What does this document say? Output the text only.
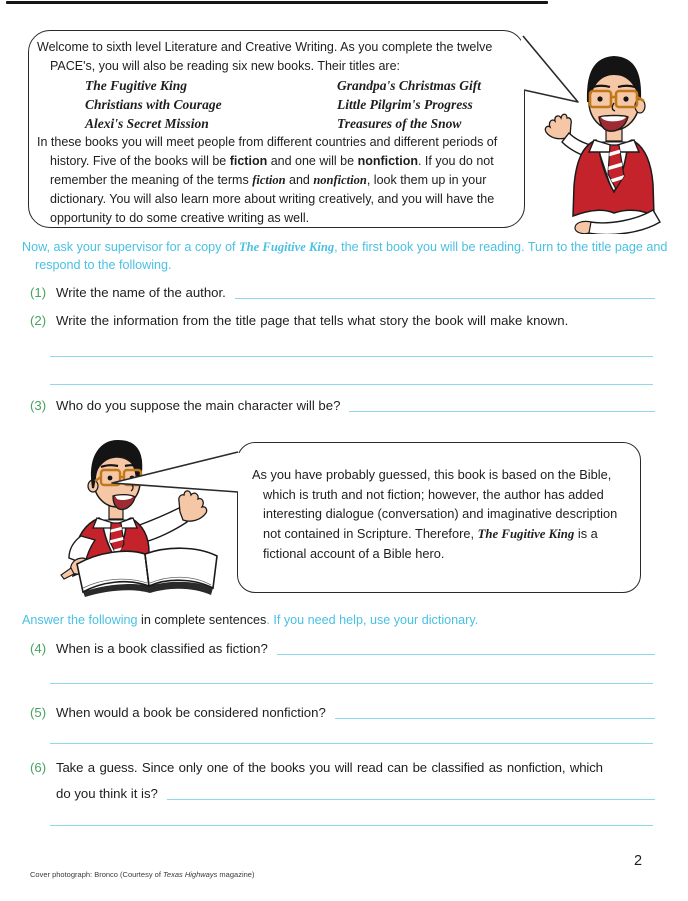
Welcome to sixth level Literature and Creative Writing. As you complete the twelve PACE's, you will also be reading six new books. Their titles are:

The Fugitive King
Christians with Courage
Alexi's Secret Mission
Grandpa's Christmas Gift
Little Pilgrim's Progress
Treasures of the Snow

In these books you will meet people from different countries and different periods of history. Five of the books will be fiction and one will be nonfiction. If you do not remember the meaning of the terms fiction and nonfiction, look them up in your dictionary. You will also learn more about writing creatively, and you will have the opportunity to do some creative writing as well.

Now, ask your supervisor for a copy of The Fugitive King, the first book you will be reading. Turn to the title page and respond to the following.

(1) Write the name of the author.
(2) Write the information from the title page that tells what story the book will make known.
(3) Who do you suppose the main character will be?

As you have probably guessed, this book is based on the Bible, which is truth and not fiction; however, the author has added interesting dialogue (conversation) and imaginative description not contained in Scripture. Therefore, The Fugitive King is a fictional account of a Bible hero.

Answer the following in complete sentences. If you need help, use your dictionary.

(4) When is a book classified as fiction?
(5) When would a book be considered nonfiction?
(6) Take a guess. Since only one of the books you will read can be classified as nonfiction, which
do you think it is?

Cover photograph: Bronco (Courtesy of Texas Highways magazine)

2
